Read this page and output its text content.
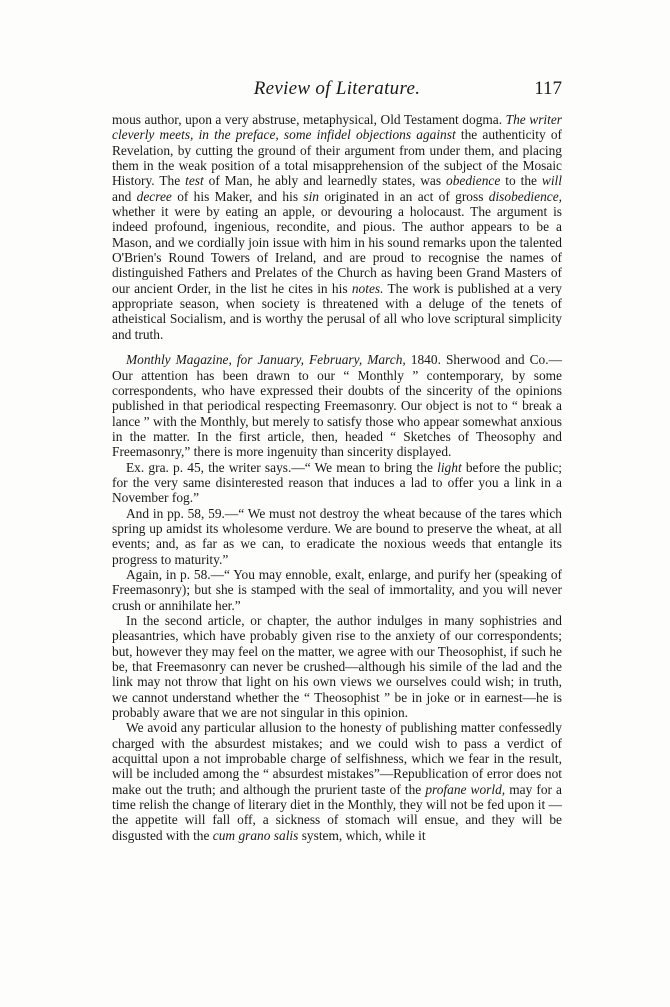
Review of Literature.	117

mous author, upon a very abstruse, metaphysical, Old Testament dogma. The writer cleverly meets, in the preface, some infidel objections against the authenticity of Revelation, by cutting the ground of their argument from under them, and placing them in the weak position of a total misapprehension of the subject of the Mosaic History. The test of Man, he ably and learnedly states, was obedience to the will and decree of his Maker, and his sin originated in an act of gross disobedience, whether it were by eating an apple, or devouring a holocaust. The argument is indeed profound, ingenious, recondite, and pious. The author appears to be a Mason, and we cordially join issue with him in his sound remarks upon the talented O'Brien's Round Towers of Ireland, and are proud to recognise the names of distinguished Fathers and Prelates of the Church as having been Grand Masters of our ancient Order, in the list he cites in his notes. The work is published at a very appropriate season, when society is threatened with a deluge of the tenets of atheistical Socialism, and is worthy the perusal of all who love scriptural simplicity and truth.

Monthly Magazine, for January, February, March, 1840. Sherwood and Co.—Our attention has been drawn to our “ Monthly ” contemporary, by some correspondents, who have expressed their doubts of the sincerity of the opinions published in that periodical respecting Freemasonry. Our object is not to “ break a lance ” with the Monthly, but merely to satisfy those who appear somewhat anxious in the matter. In the first article, then, headed “ Sketches of Theosophy and Freemasonry,” there is more ingenuity than sincerity displayed.

Ex. gra. p. 45, the writer says.—“ We mean to bring the light before the public; for the very same disinterested reason that induces a lad to offer you a link in a November fog.”

And in pp. 58, 59.—“ We must not destroy the wheat because of the tares which spring up amidst its wholesome verdure. We are bound to preserve the wheat, at all events; and, as far as we can, to eradicate the noxious weeds that entangle its progress to maturity.”

Again, in p. 58.—“ You may ennoble, exalt, enlarge, and purify her (speaking of Freemasonry); but she is stamped with the seal of immortality, and you will never crush or annihilate her.”

In the second article, or chapter, the author indulges in many sophistries and pleasantries, which have probably given rise to the anxiety of our correspondents; but, however they may feel on the matter, we agree with our Theosophist, if such he be, that Freemasonry can never be crushed—although his simile of the lad and the link may not throw that light on his own views we ourselves could wish; in truth, we cannot understand whether the “ Theosophist ” be in joke or in earnest—he is probably aware that we are not singular in this opinion.

We avoid any particular allusion to the honesty of publishing matter confessedly charged with the absurdest mistakes; and we could wish to pass a verdict of acquittal upon a not improbable charge of selfishness, which we fear in the result, will be included among the “ absurdest mistakes”—Republication of error does not make out the truth; and although the prurient taste of the profane world, may for a time relish the change of literary diet in the Monthly, they will not be fed upon it —the appetite will fall off, a sickness of stomach will ensue, and they will be disgusted with the cum grano salis system, which, while it
